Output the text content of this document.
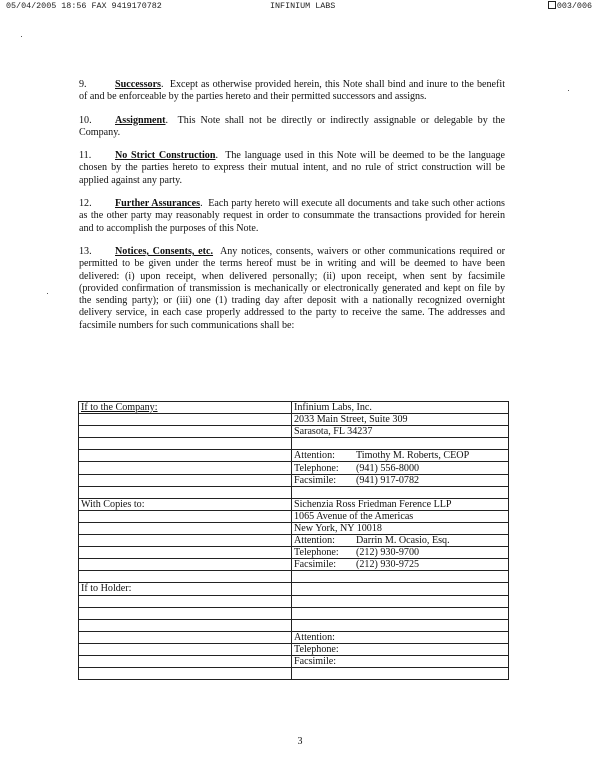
05/04/2005 18:56 FAX 9419170782	INFINIUM LABS	003/006

9.	Successors.  Except as otherwise provided herein, this Note shall bind and inure to the benefit of and be enforceable by the parties hereto and their permitted successors and assigns.

10. Assignment.  This Note shall not be directly or indirectly assignable or delegable by the Company.

11. No Strict Construction.  The language used in this Note will be deemed to be the language chosen by the parties hereto to express their mutual intent, and no rule of strict construction will be applied against any party.

12. Further Assurances.  Each party hereto will execute all documents and take such other actions as the other party may reasonably request in order to consummate the transactions provided for herein and to accomplish the purposes of this Note.

13. Notices, Consents, etc. Any notices, consents, waivers or other communications required or permitted to be given under the terms hereof must be in writing and will be deemed to have been delivered: (i) upon receipt, when delivered personally; (ii) upon receipt, when sent by facsimile (provided confirmation of transmission is mechanically or electronically generated and kept on file by the sending party); or (iii) one (1) trading day after deposit with a nationally recognized overnight delivery service, in each case properly addressed to the party to receive the same. The addresses and facsimile numbers for such communications shall be:

If to the Company:	Infinium Labs, Inc.
	2033 Main Street, Suite 309
	Sarasota, FL 34237

	Attention: Timothy M. Roberts, CEOP
	Telephone: (941) 556-8000
	Facsimile: (941) 917-0782

With Copies to:	Sichenzia Ross Friedman Ference LLP
	1065 Avenue of the Americas
	New York, NY 10018
	Attention: Darrin M. Ocasio, Esq.
	Telephone: (212) 930-9700
	Facsimile: (212) 930-9725

If to Holder:	

	Attention:
	Telephone:
	Facsimile:

3
